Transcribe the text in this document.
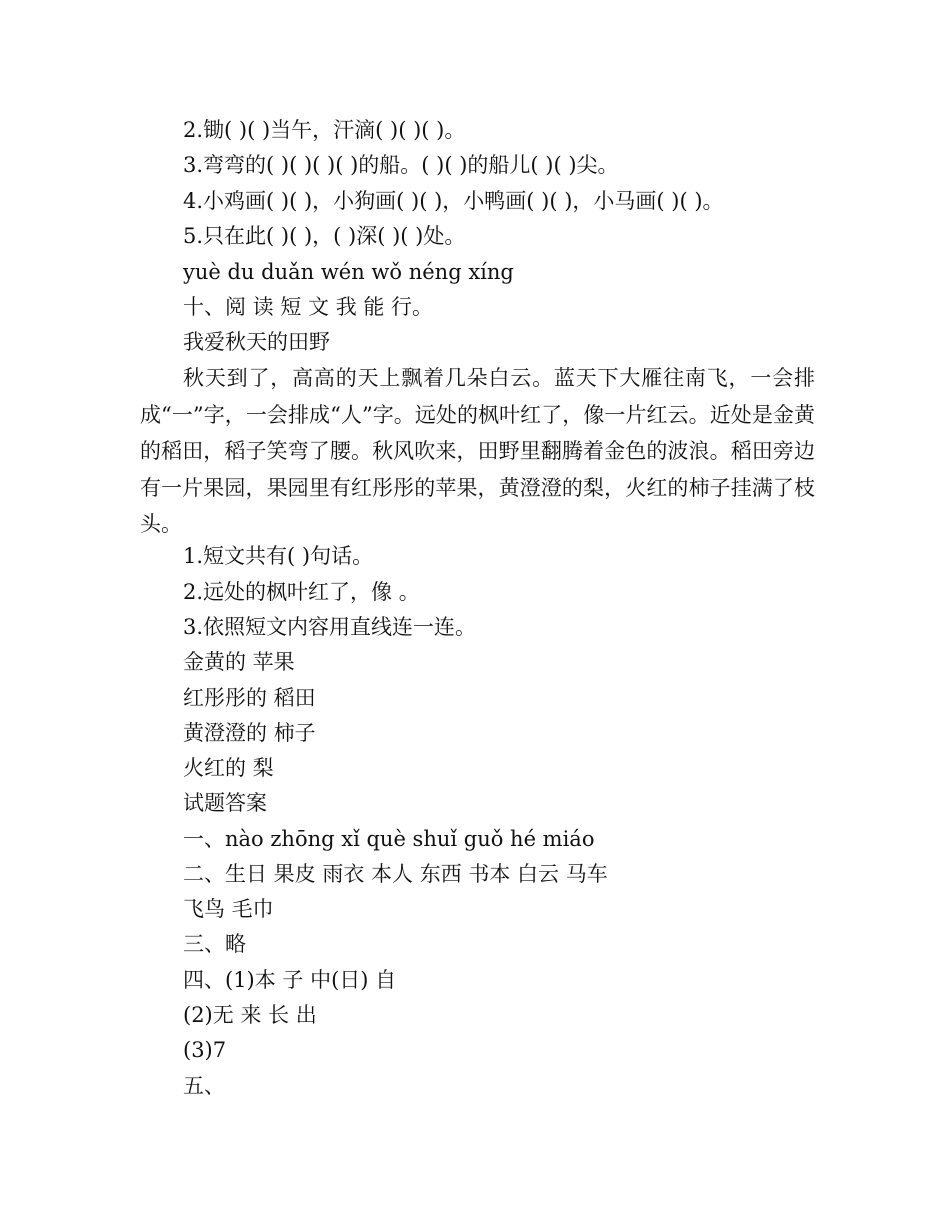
2.锄( )( )当午，汗滴( )( )( )。
3.弯弯的( )( )( )( )的船。( )( )的船儿( )( )尖。
4.小鸡画( )( )，小狗画( )( )，小鸭画( )( )，小马画( )( )。
5.只在此( )( )，( )深( )( )处。
yuè du duǎn wén wǒ néng xíng
十、阅 读 短 文 我 能 行。
我爱秋天的田野
秋天到了，高高的天上飘着几朵白云。蓝天下大雁往南飞，一会排成“一”字，一会排成“人”字。远处的枫叶红了，像一片红云。近处是金黄的稻田，稻子笑弯了腰。秋风吹来，田野里翻腾着金色的波浪。稻田旁边有一片果园，果园里有红彤彤的苹果，黄澄澄的梨，火红的柿子挂满了枝头。
1.短文共有( )句话。
2.远处的枫叶红了，像 。
3.依照短文内容用直线连一连。
金黄的 苹果
红彤彤的 稻田
黄澄澄的 柿子
火红的 梨
试题答案
一、nào zhōng xǐ què shuǐ guǒ hé miáo
二、生日 果皮 雨衣 本人 东西 书本 白云 马车
飞鸟 毛巾
三、略
四、(1)本 子 中(日) 自
(2)无 来 长 出
(3)7
五、
